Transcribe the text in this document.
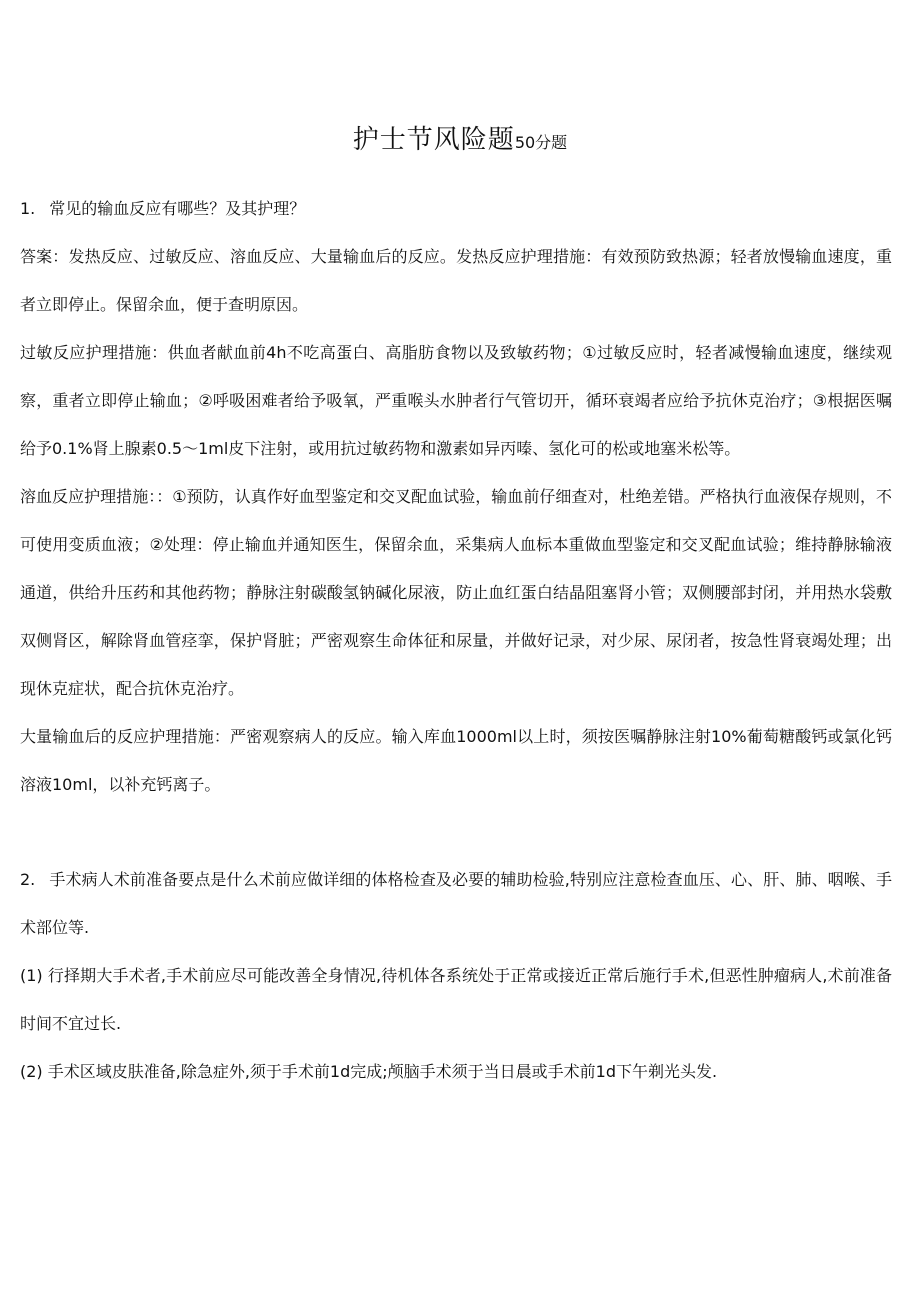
护士节风险题50分题

1. 常见的输血反应有哪些？及其护理？

答案：发热反应、过敏反应、溶血反应、大量输血后的反应。发热反应护理措施：有效预防致热源；轻者放慢输血速度，重者立即停止。保留余血，便于查明原因。

过敏反应护理措施：供血者献血前4h不吃高蛋白、高脂肪食物以及致敏药物；①过敏反应时，轻者减慢输血速度，继续观察，重者立即停止输血；②呼吸困难者给予吸氧，严重喉头水肿者行气管切开，循环衰竭者应给予抗休克治疗；③根据医嘱给予0.1%肾上腺素0.5～1ml皮下注射，或用抗过敏药物和激素如异丙嗪、氢化可的松或地塞米松等。

溶血反应护理措施：：①预防，认真作好血型鉴定和交叉配血试验，输血前仔细查对，杜绝差错。严格执行血液保存规则，不可使用变质血液；②处理：停止输血并通知医生，保留余血，采集病人血标本重做血型鉴定和交叉配血试验；维持静脉输液通道，供给升压药和其他药物；静脉注射碳酸氢钠碱化尿液，防止血红蛋白结晶阻塞肾小管；双侧腰部封闭，并用热水袋敷双侧肾区，解除肾血管痉挛，保护肾脏；严密观察生命体征和尿量，并做好记录，对少尿、尿闭者，按急性肾衰竭处理；出现休克症状，配合抗休克治疗。

大量输血后的反应护理措施：严密观察病人的反应。输入库血1000ml以上时，须按医嘱静脉注射10%葡萄糖酸钙或氯化钙溶液10ml，以补充钙离子。

2. 手术病人术前准备要点是什么术前应做详细的体格检查及必要的辅助检验,特别应注意检查血压、心、肝、肺、咽喉、手术部位等.

(1) 行择期大手术者,手术前应尽可能改善全身情况,待机体各系统处于正常或接近正常后施行手术,但恶性肿瘤病人,术前准备时间不宜过长.

(2) 手术区域皮肤准备,除急症外,须于手术前1d完成;颅脑手术须于当日晨或手术前1d下午剃光头发.
